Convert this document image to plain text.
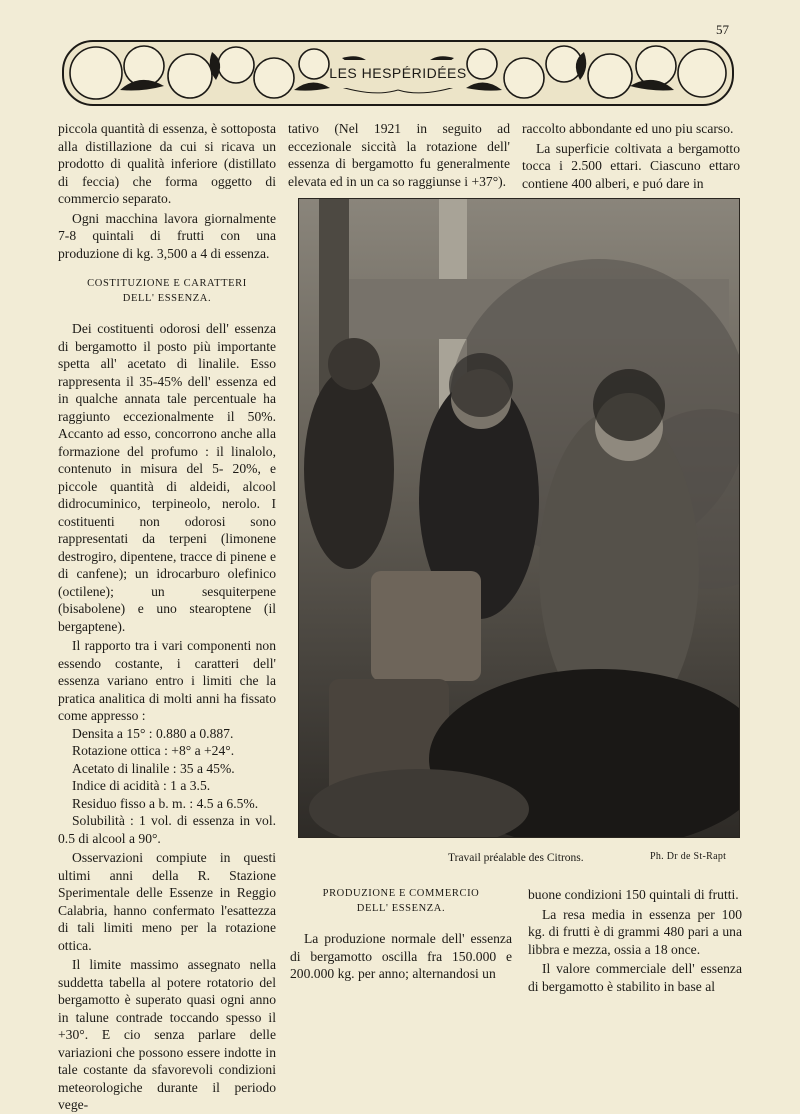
57
LES HESPÉRIDÉES

piccola quantità di essenza, è sottoposta alla distillazione da cui si ricava un prodotto di qualità inferiore (distillato di feccia) che forma oggetto di commercio separato.

Ogni macchina lavora giornalmente 7-8 quintali di frutti con una produzione di kg. 3,500 a 4 di essenza.

COSTITUZIONE E CARATTERI
DELL' ESSENZA.

Dei costituenti odorosi dell' essenza di bergamotto il posto più importante spetta all' acetato di linalile. Esso rappresenta il 35-45% dell' essenza ed in qualche annata tale percentuale ha raggiunto eccezionalmente il 50%. Accanto ad esso, concorrono anche alla formazione del profumo : il linalolo, contenuto in misura del 5- 20%, e piccole quantità di aldeidi, alcool didrocuminico, terpineolo, nerolo. I costituenti non odorosi sono rappresentati da terpeni (limonene destrogiro, dipentene, tracce di pinene e di canfene); un idrocarburo olefinico (octilene); un sesquiterpene (bisabolene) e uno stearoptene (il bergaptene).

Il rapporto tra i vari componenti non essendo costante, i caratteri dell' essenza variano entro i limiti che la pratica analitica di molti anni ha fissato come appresso :

Densita a 15° : 0.880 a 0.887.

Rotazione ottica : +8° a +24°.

Acetato di linalile : 35 a 45%.

Indice di acidità : 1 a 3.5.

Residuo fisso a b. m. : 4.5 a 6.5%.

Solubilità : 1 vol. di essenza in vol. 0.5 di alcool a 90°.

Osservazioni compiute in questi ultimi anni della R. Stazione Sperimentale delle Essenze in Reggio Calabria, hanno confermato l'esattezza di tali limiti meno per la rotazione ottica.

Il limite massimo assegnato nella suddetta tabella al potere rotatorio del bergamotto è superato quasi ogni anno in talune contrade toccando spesso il +30°. E cio senza parlare delle variazioni che possono essere indotte in tale costante da sfavorevoli condizioni meteorologiche durante il periodo vege-

tativo (Nel 1921 in seguito ad eccezionale siccità la rotazione dell' essenza di bergamotto fu generalmente elevata ed in un ca so raggiunse i +37°).

raccolto abbondante ed uno piu scarso.

La superficie coltivata a bergamotto tocca i 2.500 ettari. Ciascuno ettaro contiene 400 alberi, e puó dare in

Travail préalable des Citrons.	Ph. Dr de St-Rapt
PRODUZIONE E COMMERCIO
DELL' ESSENZA.

La produzione normale dell' essenza di bergamotto oscilla fra 150.000 e 200.000 kg. per anno; alternandosi un

buone condizioni 150 quintali di frutti.

La resa media in essenza per 100 kg. di frutti è di grammi 480 pari a una libbra e mezza, ossia a 18 once.

Il valore commerciale dell' essenza di bergamotto è stabilito in base al
